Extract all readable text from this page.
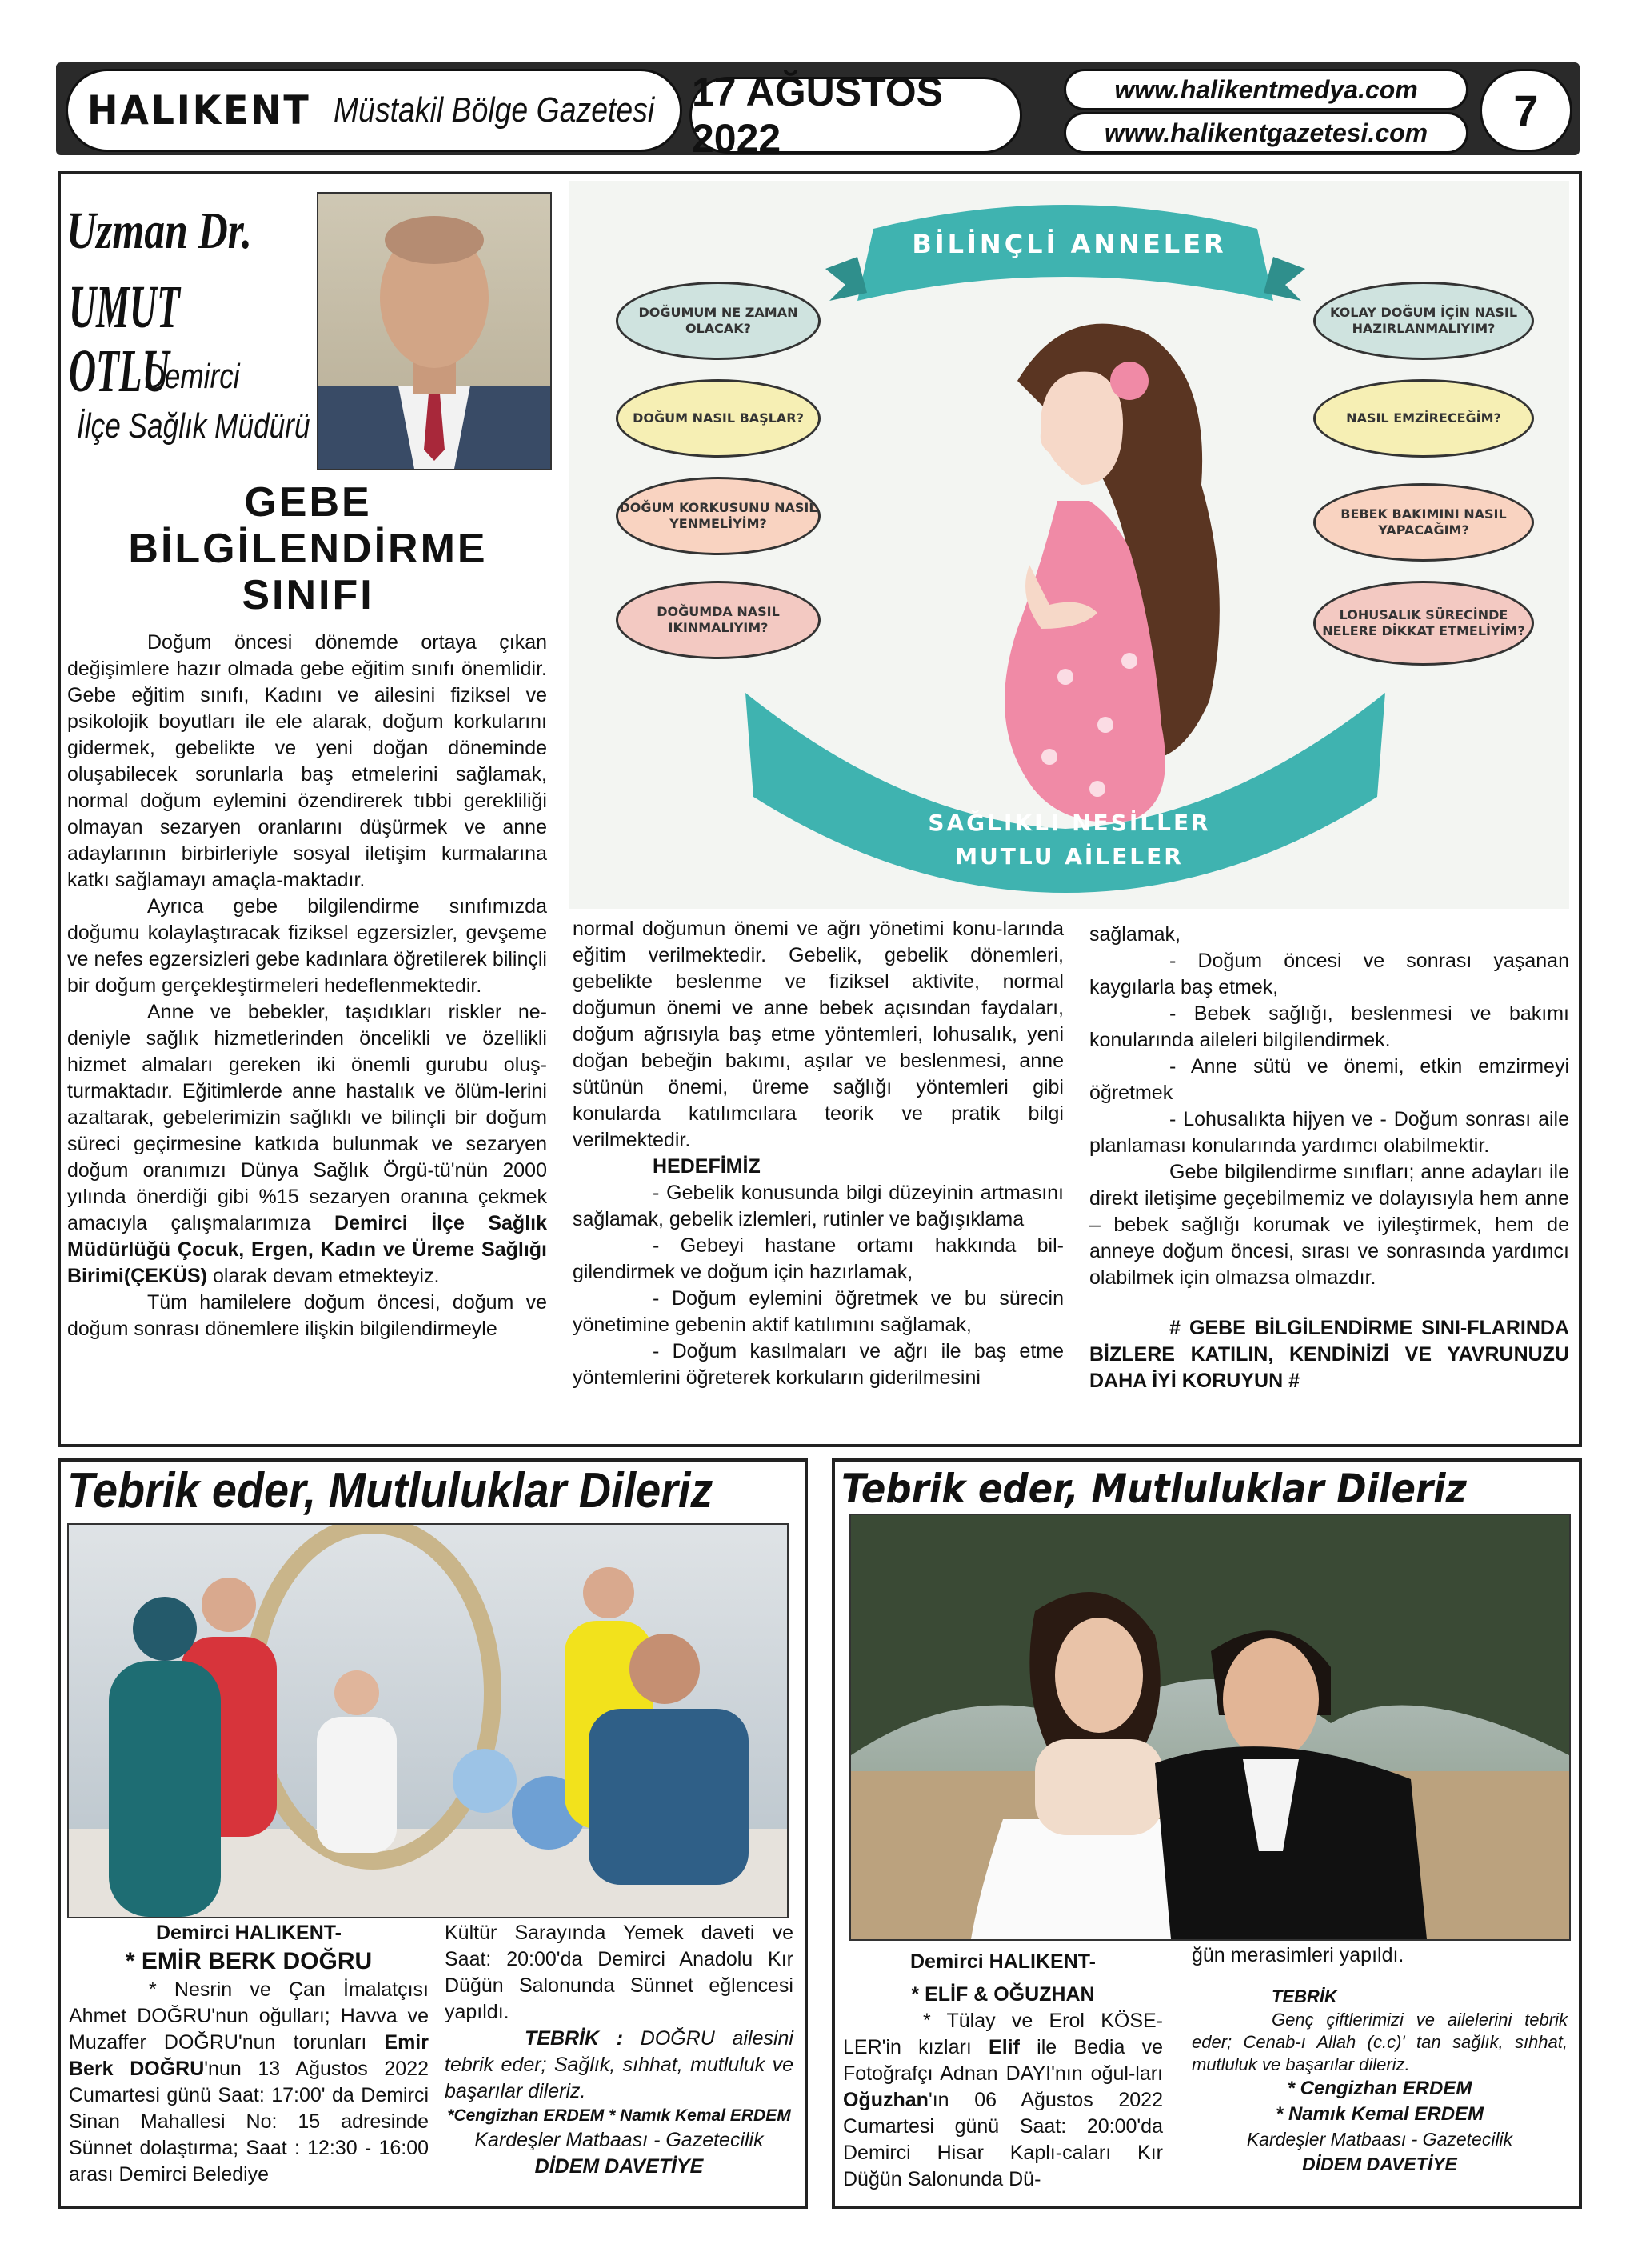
HALIKENT Müstakil Bölge Gazetesi 17 AĞUSTOS 2022
www.halikentmedya.com
www.halikentgazetesi.com	7
Uzman Dr.
UMUT OTLU
Demirci
İlçe Sağlık Müdürü
GEBE
BİLGİLENDİRME
SINIFI

Doğum öncesi dönemde ortaya çıkan değişimlere hazır olmada gebe eğitim sınıfı önemlidir. Gebe eğitim sınıfı, Kadını ve ailesini fiziksel ve psikolojik boyutları ile ele alarak, doğum korkularını gidermek, gebelikte ve yeni doğan döneminde oluşabilecek sorunlarla baş etmelerini sağlamak, normal doğum eylemini özendirerek tıbbi gerekliliği olmayan sezaryen oranlarını düşürmek ve anne adaylarının birbirleriyle sosyal iletişim kurmalarına katkı sağlamayı amaçla-maktadır.

Ayrıca gebe bilgilendirme sınıfımızda doğumu kolaylaştıracak fiziksel egzersizler, gevşeme ve nefes egzersizleri gebe kadınlara öğretilerek bilinçli bir doğum gerçekleştirmeleri hedeflenmektedir.

Anne ve bebekler, taşıdıkları riskler ne-deniyle sağlık hizmetlerinden öncelikli ve özellikli hizmet almaları gereken iki önemli gurubu oluş-turmaktadır. Eğitimlerde anne hastalık ve ölüm-lerini azaltarak, gebelerimizin sağlıklı ve bilinçli bir doğum süreci geçirmesine katkıda bulunmak ve sezaryen doğum oranımızı Dünya Sağlık Örgü-tü'nün 2000 yılında önerdiği gibi %15 sezaryen oranına çekmek amacıyla çalışmalarımıza Demirci İlçe Sağlık Müdürlüğü Çocuk, Ergen, Kadın ve Üreme Sağlığı Birimi(ÇEKÜS) olarak devam etmekteyiz.

Tüm hamilelere doğum öncesi, doğum ve doğum sonrası dönemlere ilişkin bilgilendirmeyle

BİLİNÇLİ ANNELER
SAĞLIKLI NESİLLER
MUTLU AİLELER
DOĞUMUM NE ZAMAN OLACAK?
DOĞUM NASIL BAŞLAR?
DOĞUM KORKUSUNU NASIL YENMELİYİM?
DOĞUMDA NASIL IKINMALIYIM?
KOLAY DOĞUM İÇİN NASIL HAZIRLANMALIYIM?
NASIL EMZİRECEĞİM?
BEBEK BAKIMINI NASIL YAPACAĞIM?
LOHUSALIK SÜRECİNDE NELERE DİKKAT ETMELİYİM?

normal doğumun önemi ve ağrı yönetimi konu-larında eğitim verilmektedir. Gebelik, gebelik dönemleri, gebelikte beslenme ve fiziksel aktivite, normal doğumun önemi ve anne bebek açısından faydaları, doğum ağrısıyla baş etme yöntemleri, lohusalık, yeni doğan bebeğin bakımı, aşılar ve beslenmesi, anne sütünün önemi, üreme sağlığı yöntemleri gibi konularda katılımcılara teorik ve pratik bilgi verilmektedir.

HEDEFİMİZ

- Gebelik konusunda bilgi düzeyinin artmasını sağlamak, gebelik izlemleri, rutinler ve bağışıklama

- Gebeyi hastane ortamı hakkında bil-gilendirmek ve doğum için hazırlamak,

- Doğum eylemini öğretmek ve bu sürecin yönetimine gebenin aktif katılımını sağlamak,

- Doğum kasılmaları ve ağrı ile baş etme yöntemlerini öğreterek korkuların giderilmesini

sağlamak,

- Doğum öncesi ve sonrası yaşanan kaygılarla baş etmek,

- Bebek sağlığı, beslenmesi ve bakımı konularında aileleri bilgilendirmek.

- Anne sütü ve önemi, etkin emzirmeyi öğretmek

- Lohusalıkta hijyen ve - Doğum sonrası aile planlaması konularında yardımcı olabilmektir.

Gebe bilgilendirme sınıfları; anne adayları ile direkt iletişime geçebilmemiz ve dolayısıyla hem anne – bebek sağlığı korumak ve iyileştirmek, hem de anneye doğum öncesi, sırası ve sonrasında yardımcı olabilmek için olmazsa olmazdır.

# GEBE BİLGİLENDİRME SINI-FLARINDA BİZLERE KATILIN, KENDİNİZİ VE YAVRUNUZU DAHA İYİ KORUYUN #

Tebrik eder, Mutluluklar Dileriz
Demirci HALIKENT-
* EMİR BERK DOĞRU

* Nesrin ve Çan İmalatçısı Ahmet DOĞRU'nun oğulları; Havva ve Muzaffer DOĞRU'nun torunları Emir Berk DOĞRU'nun 13 Ağustos 2022 Cumartesi günü Saat: 17:00' da Demirci Sinan Mahallesi No: 15 adresinde Sünnet dolaştırma; Saat : 12:30 - 16:00 arası Demirci Belediye

Kültür Sarayında Yemek daveti ve Saat: 20:00'da Demirci Anadolu Kır Düğün Salonunda Sünnet eğlencesi yapıldı.

TEBRİK : DOĞRU ailesini tebrik eder; Sağlık, sıhhat, mutluluk ve başarılar dileriz.

*Cengizhan ERDEM * Namık Kemal ERDEM
Kardeşler Matbaası - Gazetecilik
DİDEM DAVETİYE
Tebrik eder, Mutluluklar Dileriz
Demirci HALIKENT-
* ELİF & OĞUZHAN

* Tülay ve Erol KÖSE-LER'in kızları Elif ile Bedia ve Fotoğrafçı Adnan DAYI'nın oğul-ları Oğuzhan'ın 06 Ağustos 2022 Cumartesi günü Saat: 20:00'da Demirci Hisar Kaplı-caları Kır Düğün Salonunda Dü-

ğün merasimleri yapıldı.

TEBRİK

Genç çiftlerimizi ve ailelerini tebrik eder; Cenab-ı Allah (c.c)' tan sağlık, sıhhat, mutluluk ve başarılar dileriz.

* Cengizhan ERDEM
* Namık Kemal ERDEM
Kardeşler Matbaası - Gazetecilik
DİDEM DAVETİYE
